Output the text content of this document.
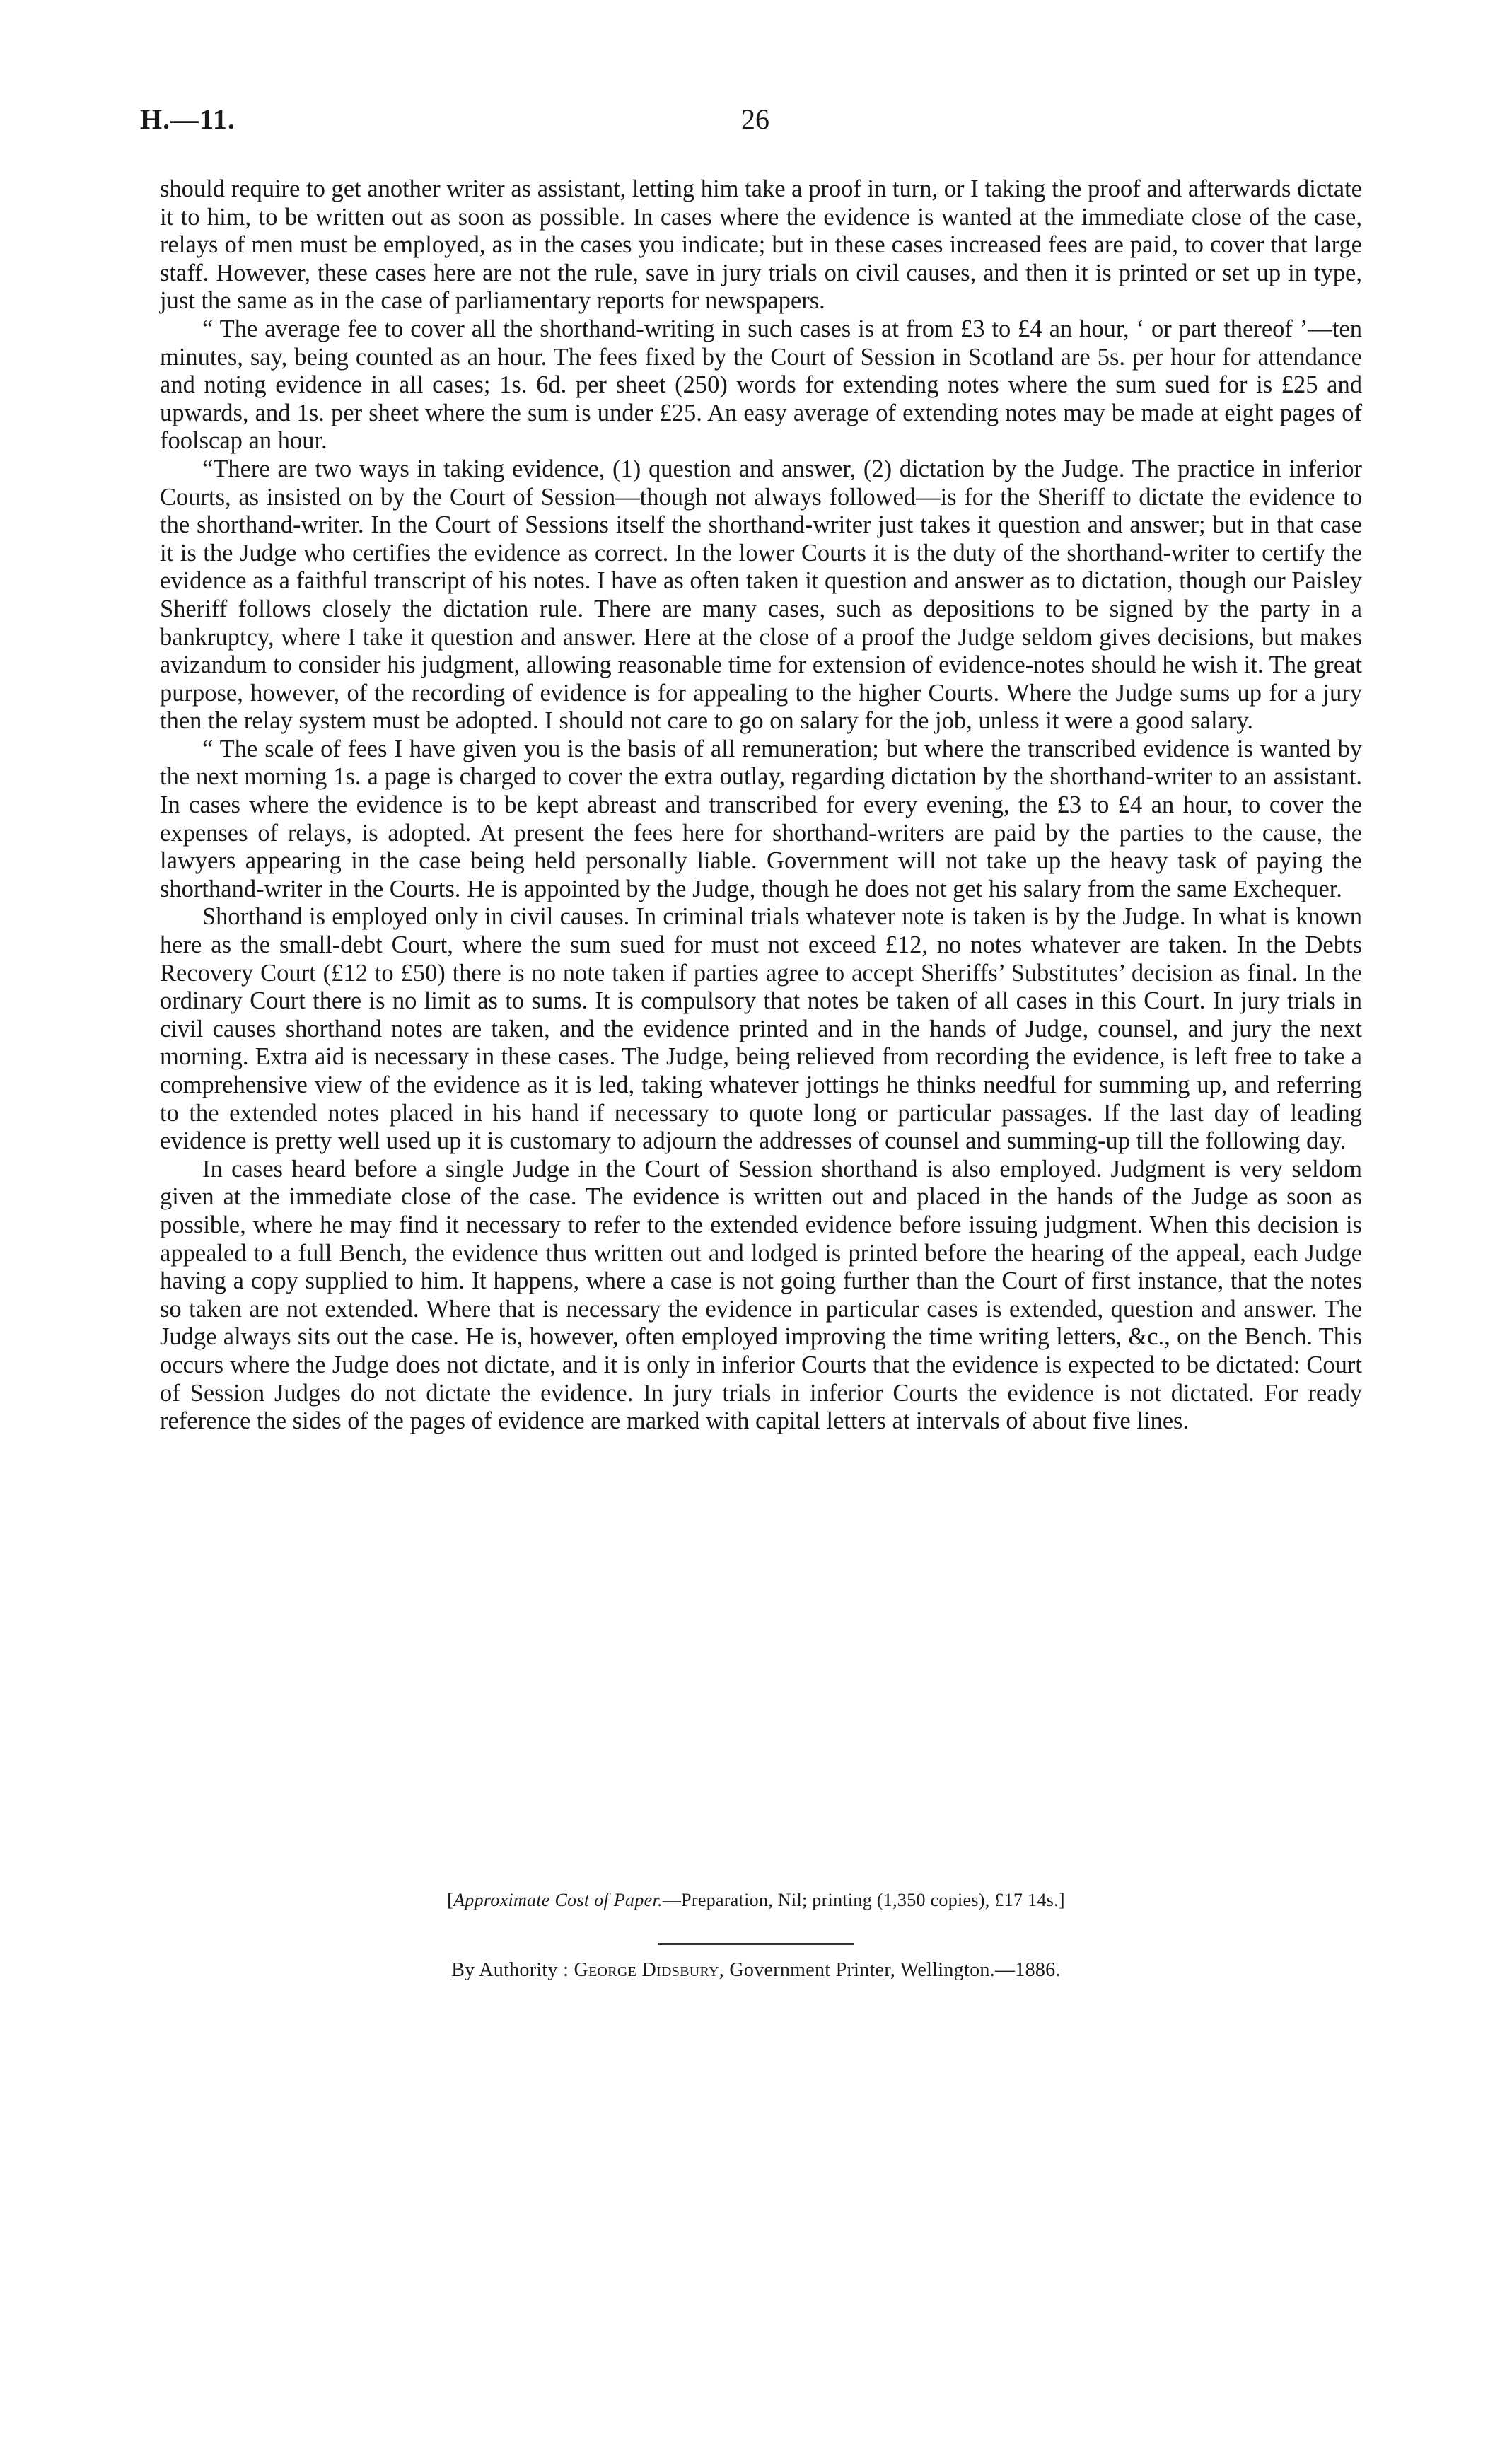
H.—11.	26

should require to get another writer as assistant, letting him take a proof in turn, or I taking the proof and afterwards dictate it to him, to be written out as soon as possible. In cases where the evidence is wanted at the immediate close of the case, relays of men must be employed, as in the cases you indicate; but in these cases increased fees are paid, to cover that large staff. However, these cases here are not the rule, save in jury trials on civil causes, and then it is printed or set up in type, just the same as in the case of parliamentary reports for newspapers.

“ The average fee to cover all the shorthand-writing in such cases is at from £3 to £4 an hour, ‘ or part thereof ’—ten minutes, say, being counted as an hour. The fees fixed by the Court of Session in Scotland are 5s. per hour for attendance and noting evidence in all cases; 1s. 6d. per sheet (250) words for extending notes where the sum sued for is £25 and upwards, and 1s. per sheet where the sum is under £25. An easy average of extending notes may be made at eight pages of foolscap an hour.

“There are two ways in taking evidence, (1) question and answer, (2) dictation by the Judge. The practice in inferior Courts, as insisted on by the Court of Session—though not always followed—is for the Sheriff to dictate the evidence to the shorthand-writer. In the Court of Sessions itself the shorthand-writer just takes it question and answer; but in that case it is the Judge who certifies the evidence as correct. In the lower Courts it is the duty of the shorthand-writer to certify the evidence as a faithful transcript of his notes. I have as often taken it question and answer as to dictation, though our Paisley Sheriff follows closely the dictation rule. There are many cases, such as depositions to be signed by the party in a bankruptcy, where I take it question and answer. Here at the close of a proof the Judge seldom gives decisions, but makes avizandum to consider his judgment, allowing reasonable time for extension of evidence-notes should he wish it. The great purpose, however, of the recording of evidence is for appealing to the higher Courts. Where the Judge sums up for a jury then the relay system must be adopted. I should not care to go on salary for the job, unless it were a good salary.

“ The scale of fees I have given you is the basis of all remuneration; but where the transcribed evidence is wanted by the next morning 1s. a page is charged to cover the extra outlay, regarding dictation by the shorthand-writer to an assistant. In cases where the evidence is to be kept abreast and transcribed for every evening, the £3 to £4 an hour, to cover the expenses of relays, is adopted. At present the fees here for shorthand-writers are paid by the parties to the cause, the lawyers appearing in the case being held personally liable. Government will not take up the heavy task of paying the shorthand-writer in the Courts. He is appointed by the Judge, though he does not get his salary from the same Exchequer.

Shorthand is employed only in civil causes. In criminal trials whatever note is taken is by the Judge. In what is known here as the small-debt Court, where the sum sued for must not exceed £12, no notes whatever are taken. In the Debts Recovery Court (£12 to £50) there is no note taken if parties agree to accept Sheriffs’ Substitutes’ decision as final. In the ordinary Court there is no limit as to sums. It is compulsory that notes be taken of all cases in this Court. In jury trials in civil causes shorthand notes are taken, and the evidence printed and in the hands of Judge, counsel, and jury the next morning. Extra aid is necessary in these cases. The Judge, being relieved from recording the evidence, is left free to take a comprehensive view of the evidence as it is led, taking whatever jottings he thinks needful for summing up, and referring to the extended notes placed in his hand if necessary to quote long or particular passages. If the last day of leading evidence is pretty well used up it is customary to adjourn the addresses of counsel and summing-up till the following day.

In cases heard before a single Judge in the Court of Session shorthand is also employed. Judgment is very seldom given at the immediate close of the case. The evidence is written out and placed in the hands of the Judge as soon as possible, where he may find it necessary to refer to the extended evidence before issuing judgment. When this decision is appealed to a full Bench, the evidence thus written out and lodged is printed before the hearing of the appeal, each Judge having a copy supplied to him. It happens, where a case is not going further than the Court of first instance, that the notes so taken are not extended. Where that is necessary the evidence in particular cases is extended, question and answer. The Judge always sits out the case. He is, however, often employed improving the time writing letters, &c., on the Bench. This occurs where the Judge does not dictate, and it is only in inferior Courts that the evidence is expected to be dictated: Court of Session Judges do not dictate the evidence. In jury trials in inferior Courts the evidence is not dictated. For ready reference the sides of the pages of evidence are marked with capital letters at intervals of about five lines.

[Approximate Cost of Paper.—Preparation, Nil; printing (1,350 copies), £17 14s.]
By Authority : George Didsbury, Government Printer, Wellington.—1886.
